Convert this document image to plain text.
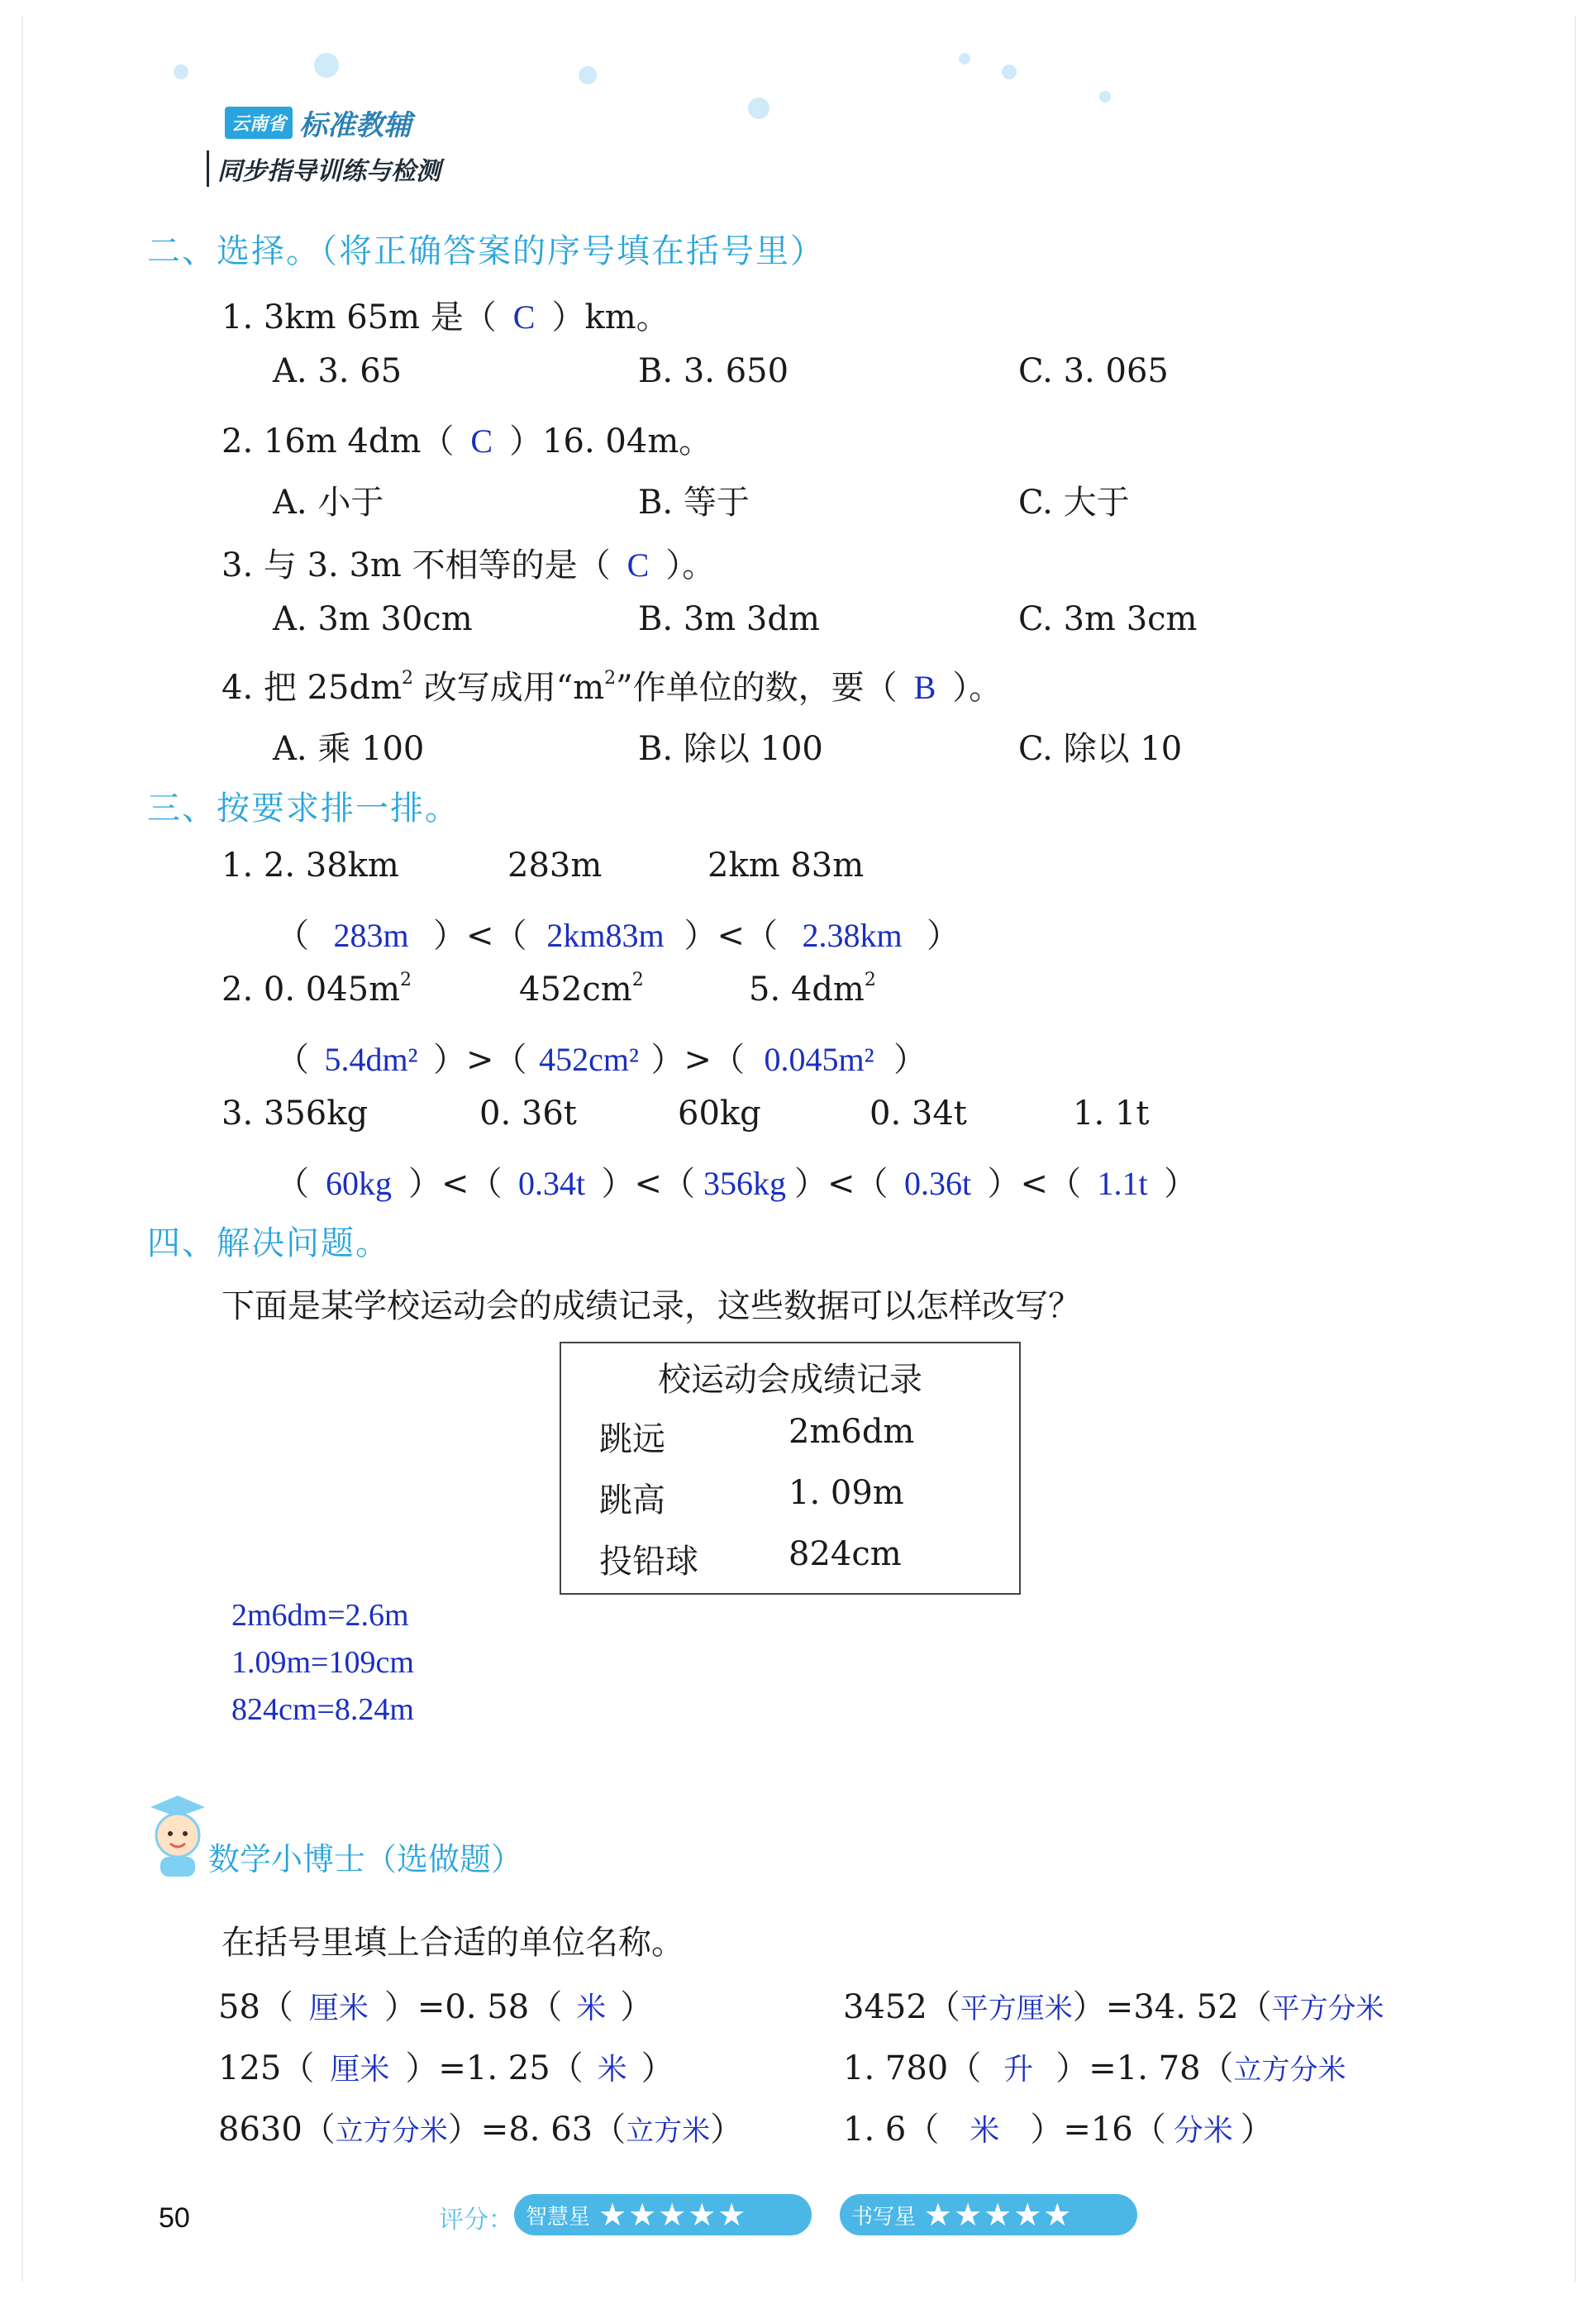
云南省 标准教辅
同步指导训练与检测
二、选择。（将正确答案的序号填在括号里）
1. 3km 65m 是（ C ）km。
A. 3. 65	B. 3. 650	C. 3. 065
2. 16m 4dm（ C ）16. 04m。
A. 小于	B. 等于	C. 大于
3. 与 3. 3m 不相等的是（ C ）。
A. 3m 30cm	B. 3m 3dm	C. 3m 3cm
4. 把 $25dm^2$ 改写成用“$m^2$”作单位的数，要（ B ）。
A. 乘 100	B. 除以 100	C. 除以 10
三、按要求排一排。
1. 2. 38km	283m	2km 83m
（ 283m ）<（ 2km83m ）<（ 2.38km ）
2. 0. $045m^2$	$452cm^2$	5. $4dm^2$
（ 5.4dm² ）>（ 452cm² ）>（ 0.045m² ）
3. 356kg	0. 36t	60kg	0. 34t	1. 1t
（ 60kg ）<（ 0.34t ）<（ 356kg ）<（ 0.36t ）<（ 1.1t ）
四、解决问题。
下面是某学校运动会的成绩记录，这些数据可以怎样改写？
校运动会成绩记录
跳远	2m6dm
跳高	1. 09m
投铅球	824cm
2m6dm=2.6m
1.09m=109cm
824cm=8.24m
数学小博士（选做题）
在括号里填上合适的单位名称。
58（ 厘米 ）=0. 58（ 米 ）
125（ 厘米 ）=1. 25（ 米 ）
8630（立方分米）=8. 63（立方米）
3452（平方厘米）=34. 52（平方分米
1. 780（ 升 ）=1. 78（立方分米
1. 6（ 米 ）=16（ 分米 ）
50	评分： 智慧星 ★★★★★	书写星 ★★★★★
